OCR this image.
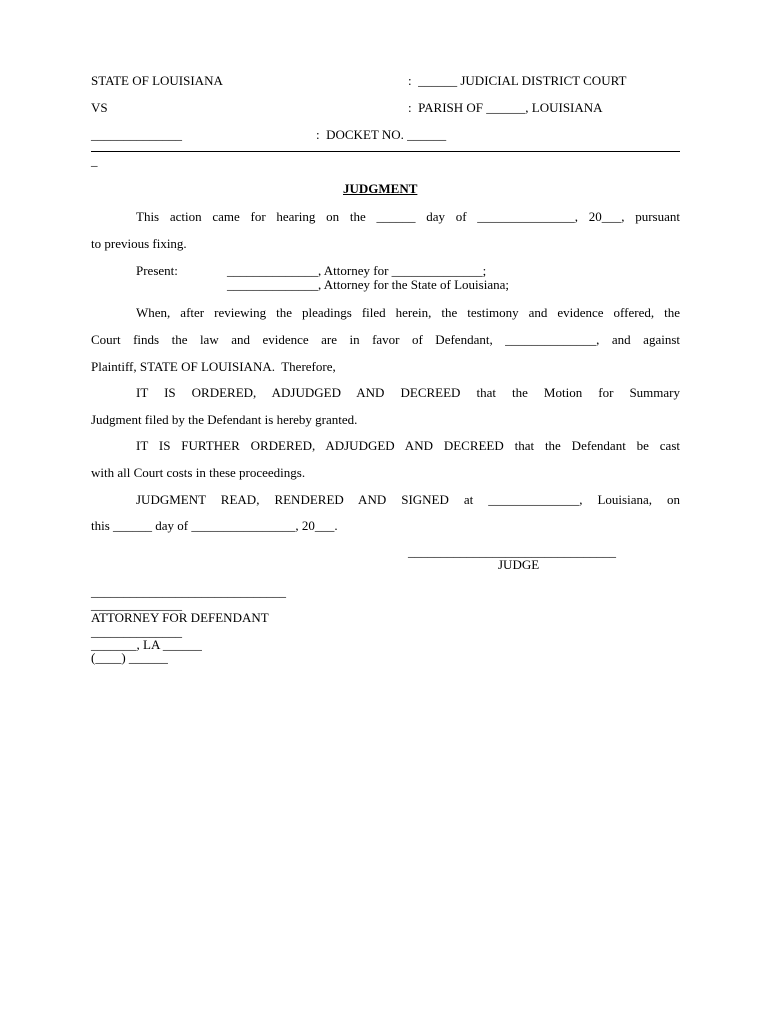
STATE OF LOUISIANA	:  ______ JUDICIAL DISTRICT COURT
VS	:  PARISH OF ______, LOUISIANA
______________	:  DOCKET NO. ______
_
JUDGMENT
This action came for hearing on the ______ day of _______________, 20___, pursuant
to previous fixing.
Present:	______________, Attorney for ______________;
______________, Attorney for the State of Louisiana;
When, after reviewing the pleadings filed herein, the testimony and evidence offered, the
Court finds the law and evidence are in favor of Defendant, ______________, and against
Plaintiff, STATE OF LOUISIANA.  Therefore,
IT IS ORDERED, ADJUDGED AND DECREED that the Motion for Summary
Judgment filed by the Defendant is hereby granted.
IT IS FURTHER ORDERED, ADJUDGED AND DECREED that the Defendant be cast
with all Court costs in these proceedings.
JUDGMENT READ, RENDERED AND SIGNED at ______________, Louisiana, on
this ______ day of ________________, 20___.
________________________________
JUDGE
______________________________
______________
ATTORNEY FOR DEFENDANT
______________
_______, LA ______
(____) ______
